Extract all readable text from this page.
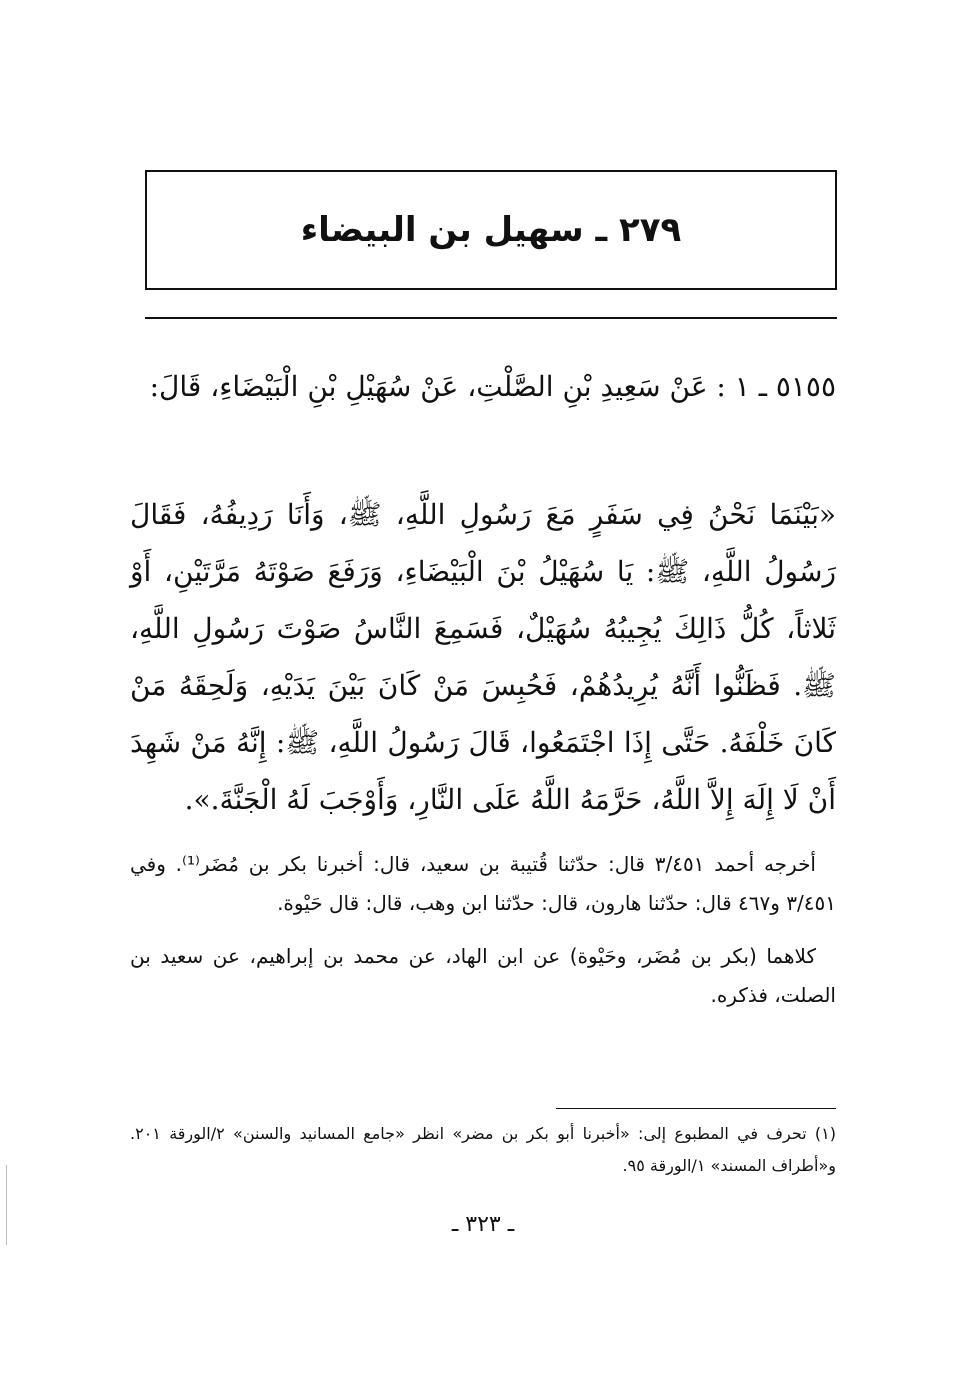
٢٧٩ ـ سهيل بن البيضاء
٥١٥٥ ـ ١ : عَنْ سَعِيدِ بْنِ الصَّلْتِ، عَنْ سُهَيْلِ بْنِ الْبَيْضَاءِ، قَالَ:
«بَيْنَمَا نَحْنُ فِي سَفَرٍ مَعَ رَسُولِ اللَّهِ، ﷺ، وَأَنَا رَدِيفُهُ، فَقَالَ رَسُولُ اللَّهِ، ﷺ: يَا سُهَيْلُ بْنَ الْبَيْضَاءِ، وَرَفَعَ صَوْتَهُ مَرَّتَيْنِ، أَوْ ثَلاثاً، كُلُّ ذَالِكَ يُجِيبُهُ سُهَيْلٌ، فَسَمِعَ النَّاسُ صَوْتَ رَسُولِ اللَّهِ، ﷺ. فَظَنُّوا أَنَّهُ يُرِيدُهُمْ، فَحُبِسَ مَنْ كَانَ بَيْنَ يَدَيْهِ، وَلَحِقَهُ مَنْ كَانَ خَلْفَهُ. حَتَّى إِذَا اجْتَمَعُوا، قَالَ رَسُولُ اللَّهِ، ﷺ: إِنَّهُ مَنْ شَهِدَ أَنْ لَا إِلَهَ إِلاَّ اللَّهُ، حَرَّمَهُ اللَّهُ عَلَى النَّارِ، وَأَوْجَبَ لَهُ الْجَنَّةَ.».

أخرجه أحمد ٣/٤٥١ قال: حدّثنا قُتيبة بن سعيد، قال: أخبرنا بكر بن مُضَر⁽¹⁾. وفي ٣/٤٥١ و٤٦٧ قال: حدّثنا هارون، قال: حدّثنا ابن وهب، قال: قال حَيْوة.

كلاهما (بكر بن مُضَر، وحَيْوة) عن ابن الهاد، عن محمد بن إبراهيم، عن سعيد بن الصلت، فذكره.

(١) تحرف في المطبوع إلى: «أخبرنا أبو بكر بن مضر» انظر «جامع المسانيد والسنن» ٢/الورقة ٢٠١. و«أطراف المسند» ١/الورقة ٩٥.
ـ ٣٢٣ ـ
